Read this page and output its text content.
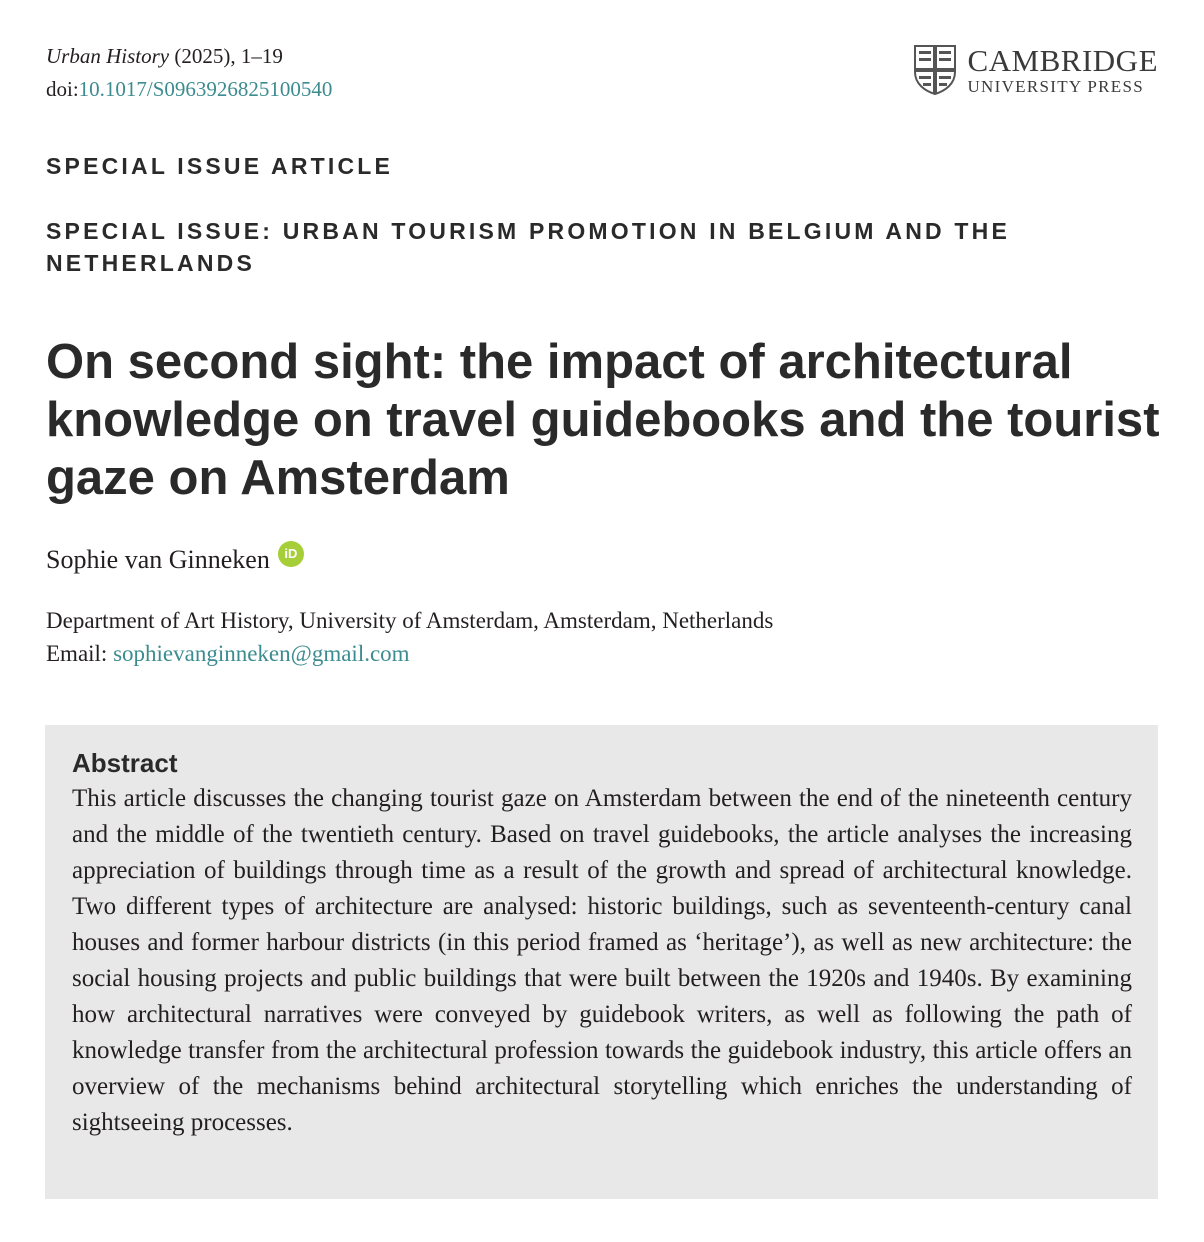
Urban History (2025), 1–19
doi:10.1017/S0963926825100540
CAMBRIDGE
UNIVERSITY PRESS
SPECIAL ISSUE ARTICLE
SPECIAL ISSUE: URBAN TOURISM PROMOTION IN BELGIUM AND THE NETHERLANDS
On second sight: the impact of architectural knowledge on travel guidebooks and the tourist gaze on Amsterdam
Sophie van Ginneken	iD
Department of Art History, University of Amsterdam, Amsterdam, Netherlands
Email: sophievanginneken@gmail.com
Abstract

This article discusses the changing tourist gaze on Amsterdam between the end of the nineteenth century and the middle of the twentieth century. Based on travel guidebooks, the article analyses the increasing appreciation of buildings through time as a result of the growth and spread of architectural knowledge. Two different types of architecture are analysed: historic buildings, such as seventeenth-century canal houses and former harbour districts (in this period framed as ‘heritage’), as well as new architecture: the social housing projects and public buildings that were built between the 1920s and 1940s. By examining how architectural narratives were conveyed by guidebook writers, as well as following the path of knowledge transfer from the architectural profession towards the guidebook industry, this article offers an overview of the mechanisms behind architectural storytelling which enriches the understanding of sightseeing processes.
